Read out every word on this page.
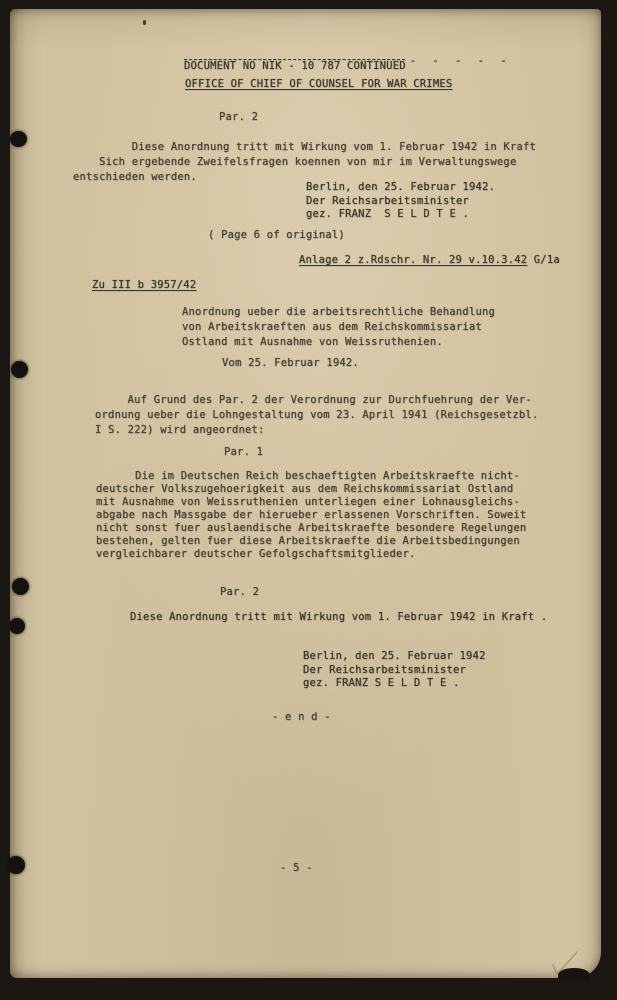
DOCUMENT NO NIK - 10 787 CONTINUED - - - - -
OFFICE OF CHIEF OF COUNSEL FOR WAR CRIMES
Par. 2
Diese Anordnung tritt mit Wirkung vom 1. Februar 1942 in Kraft
Sich ergebende Zweifelsfragen koennen von mir im Verwaltungswege
entschieden werden.
Berlin, den 25. Februar 1942.
Der Reichsarbeitsminister
gez. FRANZ  S E L D T E .
( Page 6 of original)
Anlage 2 z.Rdschr. Nr. 29 v.10.3.42 G/1a
Zu III b 3957/42
Anordnung ueber die arbeitsrechtliche Behandlung
von Arbeitskraeften aus dem Reichskommissariat
Ostland mit Ausnahme von Weissruthenien.
Vom 25. Februar 1942.
Auf Grund des Par. 2 der Verordnung zur Durchfuehrung der Ver-
ordnung ueber die Lohngestaltung vom 23. April 1941 (Reichsgesetzbl.
I S. 222) wird angeordnet:
Par. 1
Die im Deutschen Reich beschaeftigten Arbeitskraefte nicht-
deutscher Volkszugehoerigkeit aus dem Reichskommissariat Ostland
mit Ausnahme von Weissruthenien unterliegen einer Lohnausgleichs-
abgabe nach Massgabe der hierueber erlassenen Vorschriften. Soweit
nicht sonst fuer auslaendische Arbeitskraefte besondere Regelungen
bestehen, gelten fuer diese Arbeitskraefte die Arbeitsbedingungen
vergleichbarer deutscher Gefolgschaftsmitglieder.
Par. 2
Diese Anordnung tritt mit Wirkung vom 1. Februar 1942 in Kraft .
Berlin, den 25. Februar 1942
Der Reichsarbeitsminister
gez. FRANZ S E L D T E .
- e n d -
- 5 -
